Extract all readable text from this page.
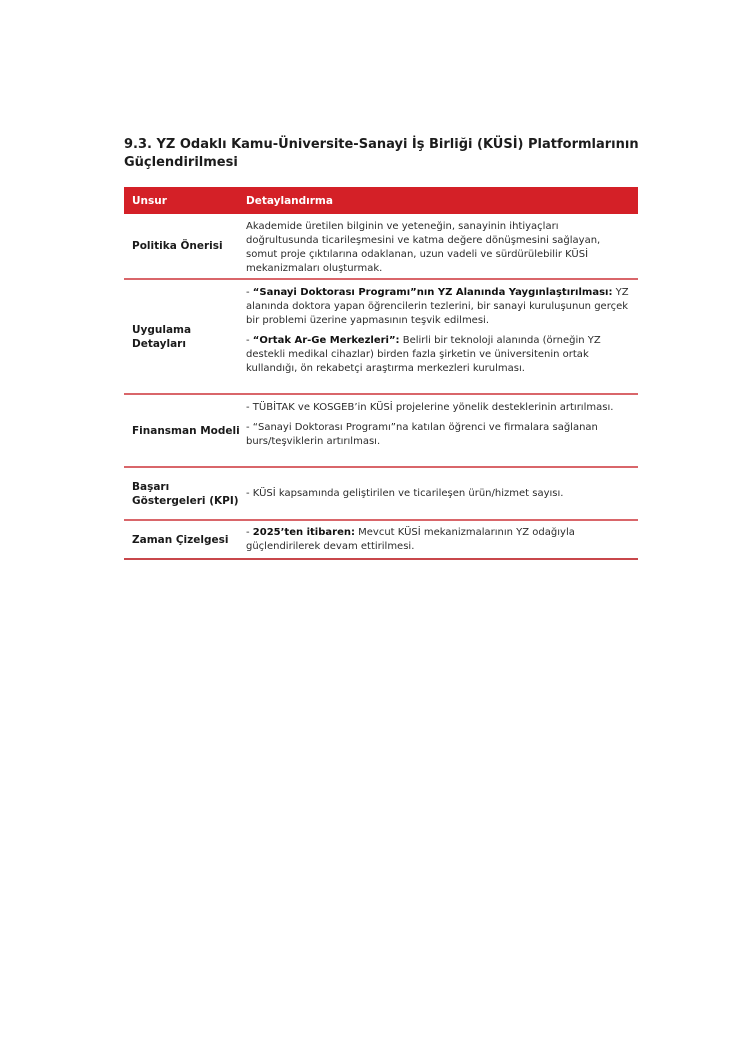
9.3. YZ Odaklı Kamu-Üniversite-Sanayi İş Birliği (KÜSİ) Platformlarının Güçlendirilmesi
Unsur	Detaylandırma
Politika Önerisi

Akademide üretilen bilginin ve yeteneğin, sanayinin ihtiyaçları doğrultusunda ticarileşmesini ve katma değere dönüşmesini sağlayan, somut proje çıktılarına odaklanan, uzun vadeli ve sürdürülebilir KÜSİ mekanizmaları oluşturmak.

Uygulama Detayları

- “Sanayi Doktorası Programı”nın YZ Alanında Yaygınlaştırılması: YZ alanında doktora yapan öğrencilerin tezlerini, bir sanayi kuruluşunun gerçek bir problemi üzerine yapmasının teşvik edilmesi.

- “Ortak Ar-Ge Merkezleri”: Belirli bir teknoloji alanında (örneğin YZ destekli medikal cihazlar) birden fazla şirketin ve üniversitenin ortak kullandığı, ön rekabetçi araştırma merkezleri kurulması.

Finansman Modeli

- TÜBİTAK ve KOSGEB’in KÜSİ projelerine yönelik desteklerinin artırılması.

- “Sanayi Doktorası Programı”na katılan öğrenci ve firmalara sağlanan burs/teşviklerin artırılması.

Başarı Göstergeleri (KPI)

- KÜSİ kapsamında geliştirilen ve ticarileşen ürün/hizmet sayısı.

Zaman Çizelgesi

- 2025’ten itibaren: Mevcut KÜSİ mekanizmalarının YZ odağıyla güçlendirilerek devam ettirilmesi.
